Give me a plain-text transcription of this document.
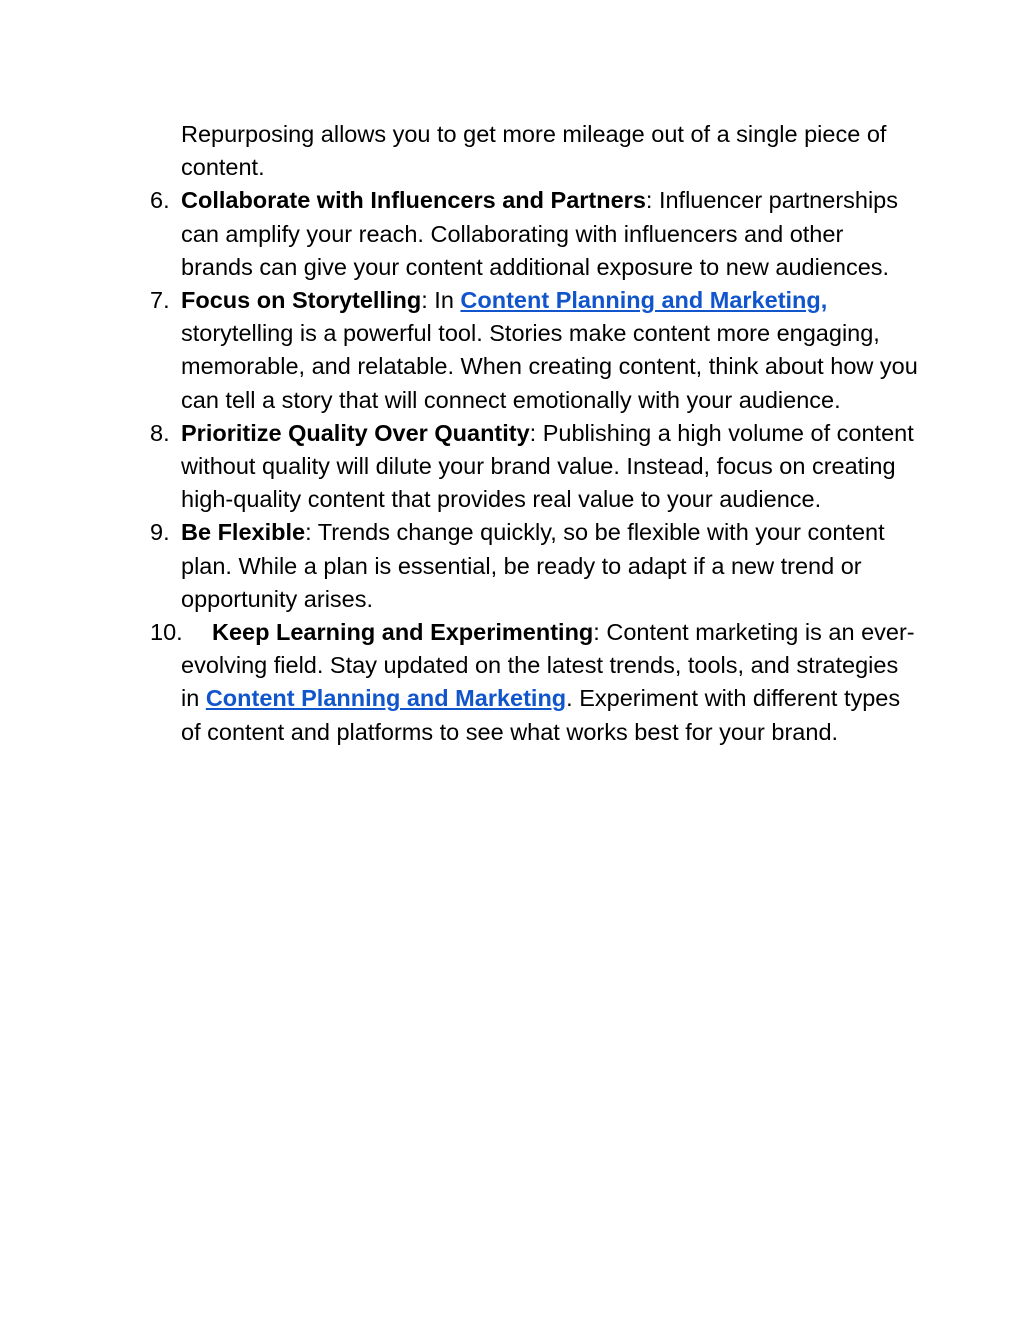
Repurposing allows you to get more mileage out of a single piece of content.
6. Collaborate with Influencers and Partners: Influencer partnerships can amplify your reach. Collaborating with influencers and other brands can give your content additional exposure to new audiences.
7. Focus on Storytelling: In Content Planning and Marketing, storytelling is a powerful tool. Stories make content more engaging, memorable, and relatable. When creating content, think about how you can tell a story that will connect emotionally with your audience.
8. Prioritize Quality Over Quantity: Publishing a high volume of content without quality will dilute your brand value. Instead, focus on creating high-quality content that provides real value to your audience.
9. Be Flexible: Trends change quickly, so be flexible with your content plan. While a plan is essential, be ready to adapt if a new trend or opportunity arises.
10.	Keep Learning and Experimenting: Content marketing is an ever-evolving field. Stay updated on the latest trends, tools, and strategies in Content Planning and Marketing. Experiment with different types of content and platforms to see what works best for your brand.
